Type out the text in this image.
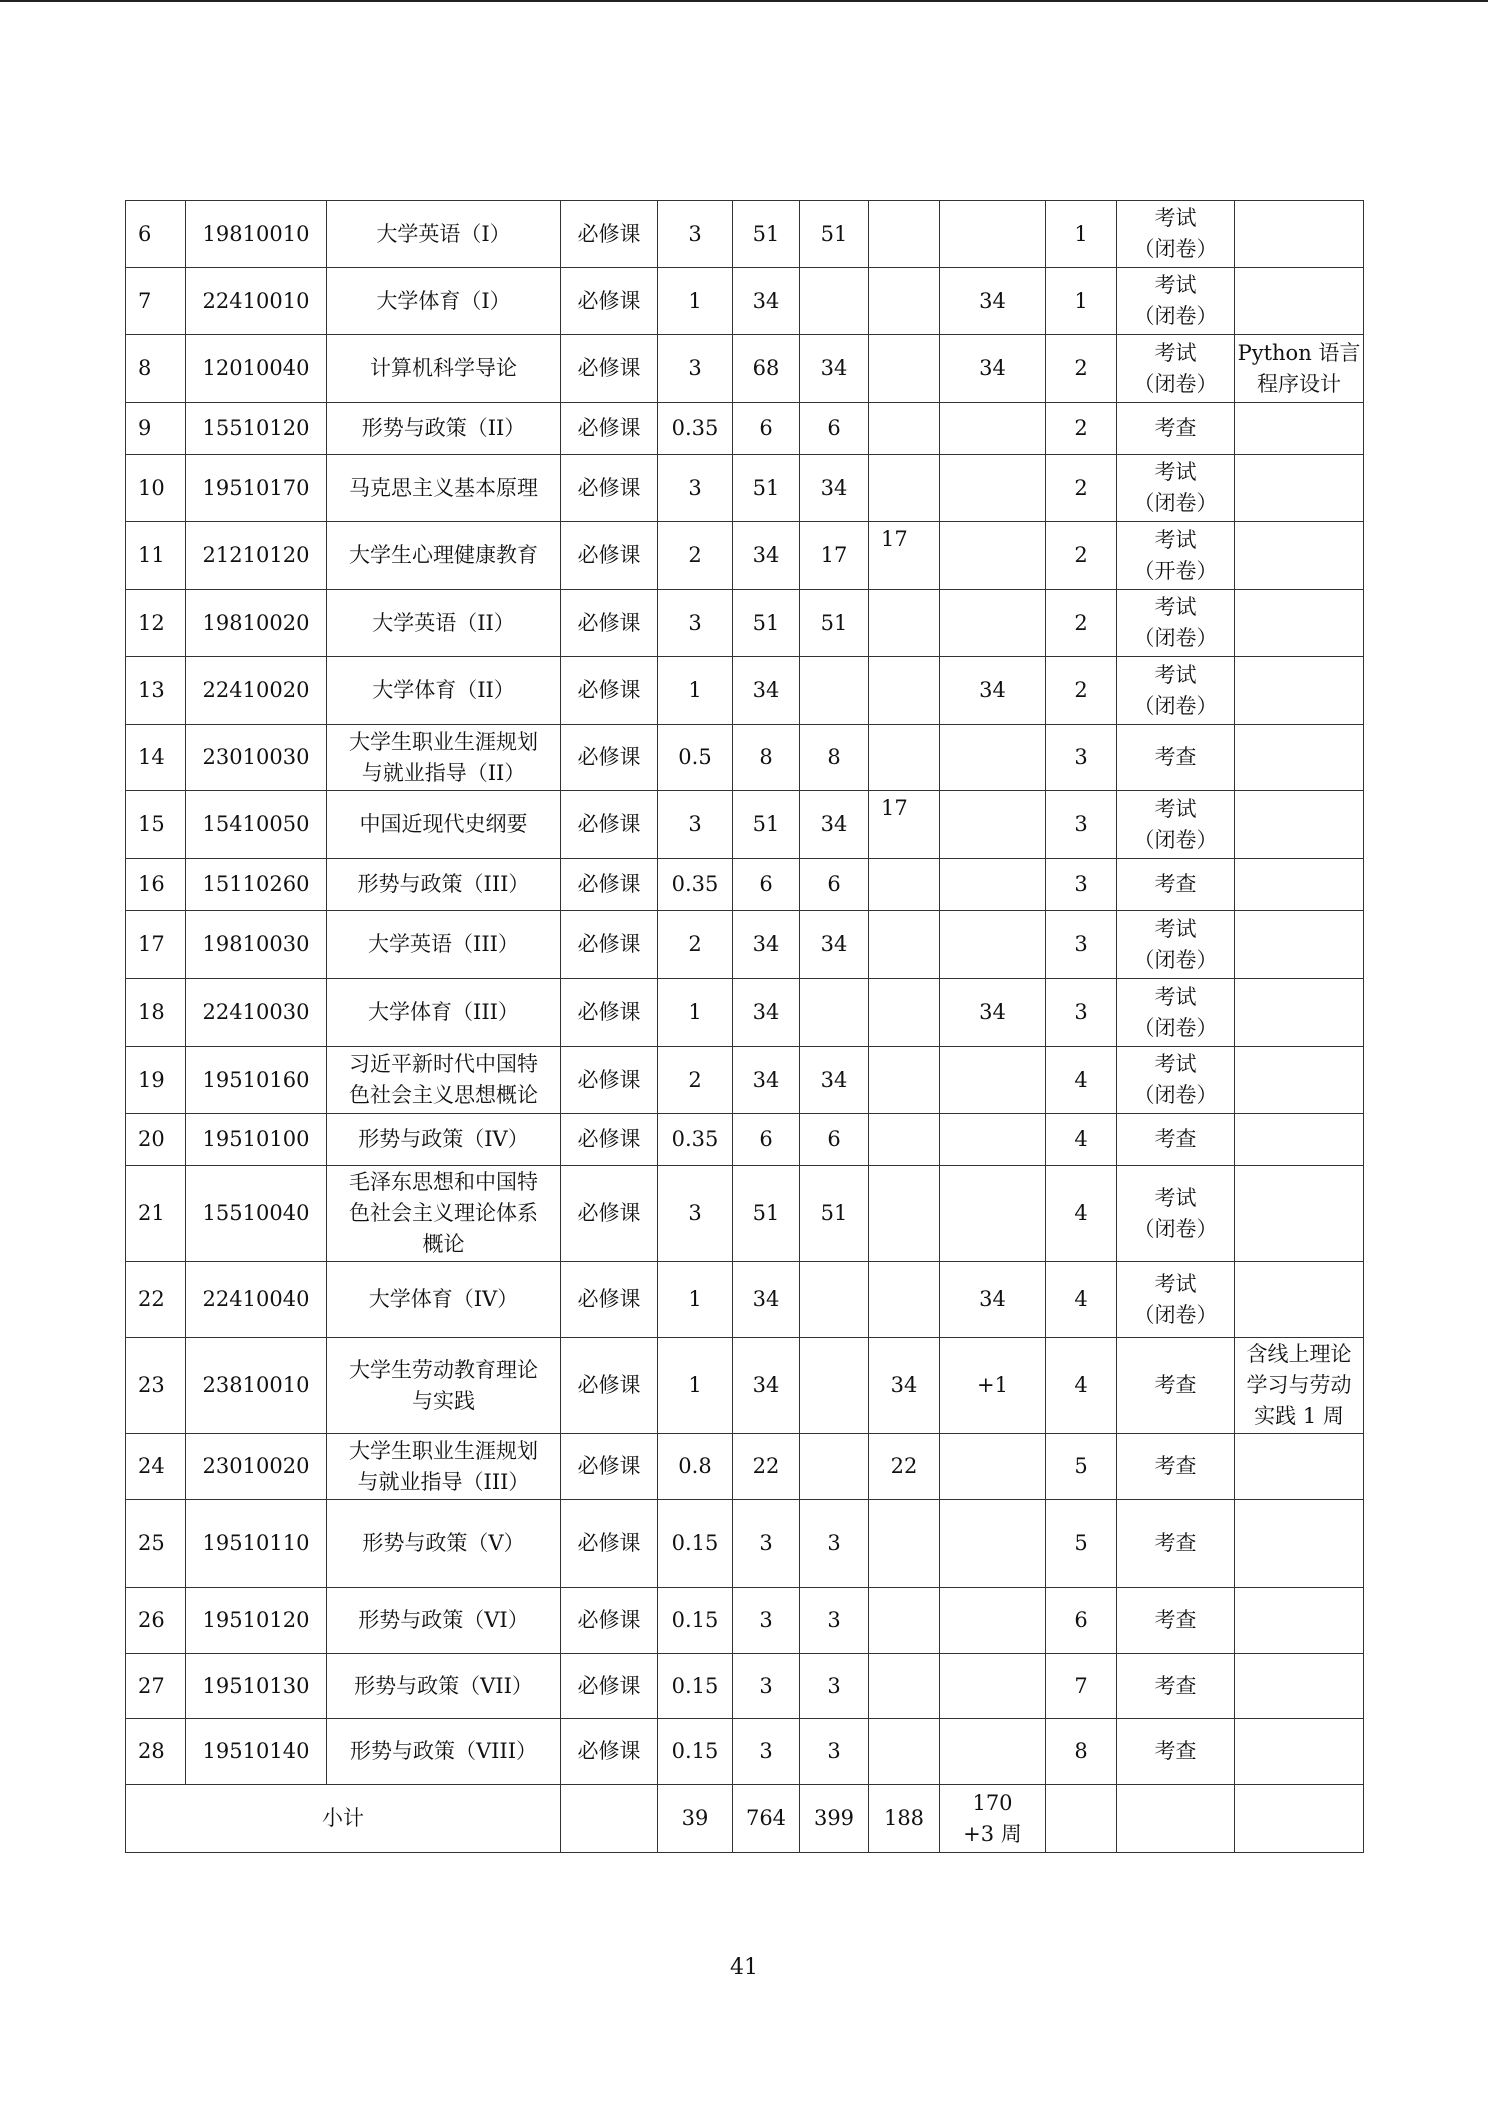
6	19810010	大学英语（I）	必修课	3	51	51			1	考试
（闭卷）	
7	22410010	大学体育（I）	必修课	1	34			34	1	考试
（闭卷）	
8	12010040	计算机科学导论	必修课	3	68	34		34	2	考试
（闭卷）	Python 语言
程序设计
9	15510120	形势与政策（II）	必修课	0.35	6	6			2	考查	
10	19510170	马克思主义基本原理	必修课	3	51	34			2	考试
（闭卷）	
11	21210120	大学生心理健康教育	必修课	2	34	17	17		2	考试
（开卷）	
12	19810020	大学英语（II）	必修课	3	51	51			2	考试
（闭卷）	
13	22410020	大学体育（II）	必修课	1	34			34	2	考试
（闭卷）	
14	23010030	大学生职业生涯规划
与就业指导（II）	必修课	0.5	8	8			3	考查	
15	15410050	中国近现代史纲要	必修课	3	51	34	17		3	考试
（闭卷）	
16	15110260	形势与政策（III）	必修课	0.35	6	6			3	考查	
17	19810030	大学英语（III）	必修课	2	34	34			3	考试
（闭卷）	
18	22410030	大学体育（III）	必修课	1	34			34	3	考试
（闭卷）	
19	19510160	习近平新时代中国特
色社会主义思想概论	必修课	2	34	34			4	考试
（闭卷）	
20	19510100	形势与政策（IV）	必修课	0.35	6	6			4	考查	
21	15510040	毛泽东思想和中国特
色社会主义理论体系
概论	必修课	3	51	51			4	考试
（闭卷）	
22	22410040	大学体育（IV）	必修课	1	34			34	4	考试
（闭卷）	
23	23810010	大学生劳动教育理论
与实践	必修课	1	34		34	+1	4	考查	含线上理论
学习与劳动
实践 1 周
24	23010020	大学生职业生涯规划
与就业指导（III）	必修课	0.8	22		22		5	考查	
25	19510110	形势与政策（V）	必修课	0.15	3	3			5	考查	
26	19510120	形势与政策（VI）	必修课	0.15	3	3			6	考查	
27	19510130	形势与政策（VII）	必修课	0.15	3	3			7	考查	
28	19510140	形势与政策（VIII）	必修课	0.15	3	3			8	考查	
小计				39	764	399	188	170
+3 周			
41
